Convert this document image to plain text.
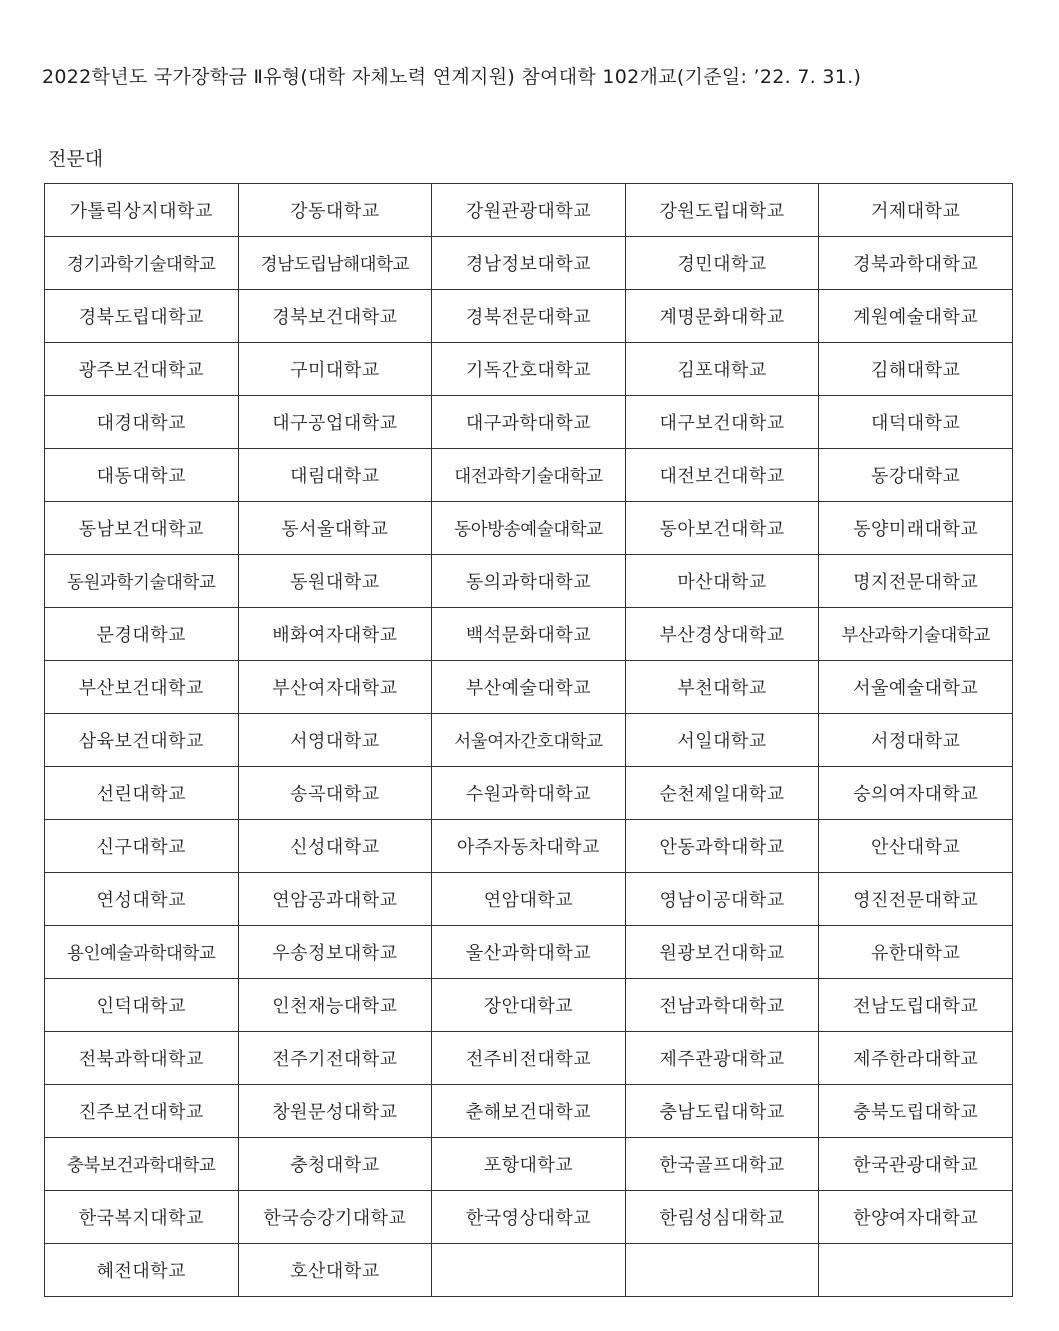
2022학년도 국가장학금 Ⅱ유형(대학 자체노력 연계지원) 참여대학 102개교(기준일: ’22. 7. 31.)
전문대
가톨릭상지대학교	강동대학교	강원관광대학교	강원도립대학교	거제대학교
경기과학기술대학교	경남도립남해대학교	경남정보대학교	경민대학교	경북과학대학교
경북도립대학교	경북보건대학교	경북전문대학교	계명문화대학교	계원예술대학교
광주보건대학교	구미대학교	기독간호대학교	김포대학교	김해대학교
대경대학교	대구공업대학교	대구과학대학교	대구보건대학교	대덕대학교
대동대학교	대림대학교	대전과학기술대학교	대전보건대학교	동강대학교
동남보건대학교	동서울대학교	동아방송예술대학교	동아보건대학교	동양미래대학교
동원과학기술대학교	동원대학교	동의과학대학교	마산대학교	명지전문대학교
문경대학교	배화여자대학교	백석문화대학교	부산경상대학교	부산과학기술대학교
부산보건대학교	부산여자대학교	부산예술대학교	부천대학교	서울예술대학교
삼육보건대학교	서영대학교	서울여자간호대학교	서일대학교	서정대학교
선린대학교	송곡대학교	수원과학대학교	순천제일대학교	숭의여자대학교
신구대학교	신성대학교	아주자동차대학교	안동과학대학교	안산대학교
연성대학교	연암공과대학교	연암대학교	영남이공대학교	영진전문대학교
용인예술과학대학교	우송정보대학교	울산과학대학교	원광보건대학교	유한대학교
인덕대학교	인천재능대학교	장안대학교	전남과학대학교	전남도립대학교
전북과학대학교	전주기전대학교	전주비전대학교	제주관광대학교	제주한라대학교
진주보건대학교	창원문성대학교	춘해보건대학교	충남도립대학교	충북도립대학교
충북보건과학대학교	충청대학교	포항대학교	한국골프대학교	한국관광대학교
한국복지대학교	한국승강기대학교	한국영상대학교	한림성심대학교	한양여자대학교
혜전대학교	호산대학교			
